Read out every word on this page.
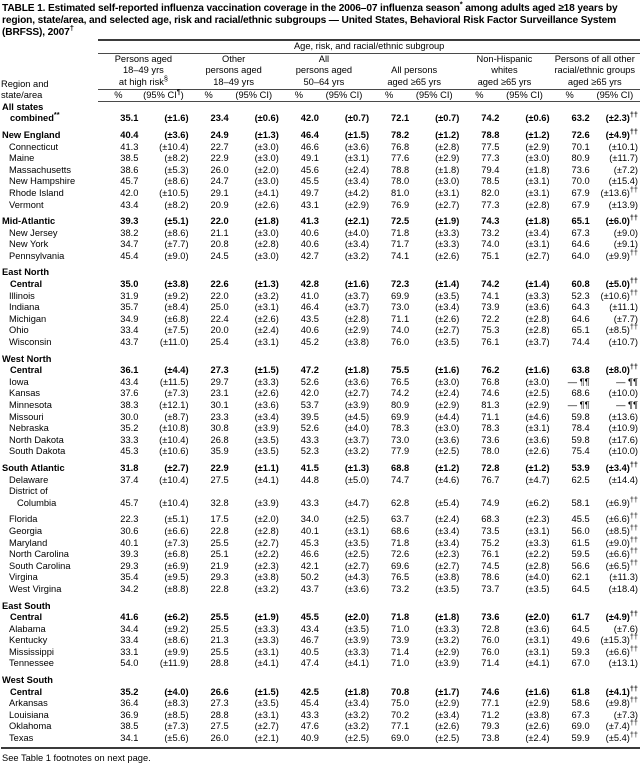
TABLE 1. Estimated self-reported influenza vaccination coverage in the 2006–07 influenza season* among adults aged ≥18 years by region, state/area, and selected age, risk and racial/ethnic subgroups — United States, Behavioral Risk Factor Surveillance System (BRFSS), 2007†
	Age, risk, and racial/ethnic subgroup											

Region and
state/area

Persons aged
18–49 yrs
at high risk§

Other
persons aged
18–49 yrs

All
persons aged
50–64 yrs

All persons
aged ≥65 yrs

Non-Hispanic
whites
aged ≥65 yrs

Persons of all other
racial/ethnic groups
aged ≥65 yrs

	%	(95% CI¶)	%	(95% CI)	%	(95% CI)	%	(95% CI)	%	(95% CI)	%	(95% CI)

All states
combined**	35.1	(±1.6)	23.4	(±0.6)	42.0	(±0.7)	72.1	(±0.7)	74.2	(±0.6)	63.2	(±2.3)††

New England	40.4	(±3.6)	24.9	(±1.3)	46.4	(±1.5)	78.2	(±1.2)	78.8	(±1.2)	72.6	(±4.9)††
Connecticut	41.3	(±10.4)	22.7	(±3.0)	46.6	(±3.6)	76.8	(±2.8)	77.5	(±2.9)	70.1	(±10.1)
Maine	38.5	(±8.2)	22.9	(±3.0)	49.1	(±3.1)	77.6	(±2.9)	77.3	(±3.0)	80.9	(±11.7)
Massachusetts	38.6	(±5.3)	26.0	(±2.0)	45.6	(±2.4)	78.8	(±1.8)	79.4	(±1.8)	73.6	(±7.2)
New Hampshire	45.7	(±8.6)	24.7	(±3.0)	45.5	(±3.4)	78.0	(±3.0)	78.5	(±3.1)	70.0	(±15.4)
Rhode Island	42.0	(±10.5)	29.1	(±4.1)	49.7	(±4.2)	81.0	(±3.1)	82.0	(±3.1)	67.9	(±13.6)††
Vermont	43.4	(±8.2)	20.9	(±2.6)	43.1	(±2.9)	76.9	(±2.7)	77.3	(±2.8)	67.9	(±13.9)

Mid-Atlantic	39.3	(±5.1)	22.0	(±1.8)	41.3	(±2.1)	72.5	(±1.9)	74.3	(±1.8)	65.1	(±6.0)††
New Jersey	38.2	(±8.6)	21.1	(±3.0)	40.6	(±4.0)	71.8	(±3.3)	73.2	(±3.4)	67.3	(±9.0)
New York	34.7	(±7.7)	20.8	(±2.8)	40.6	(±3.4)	71.7	(±3.3)	74.0	(±3.1)	64.6	(±9.1)
Pennsylvania	45.4	(±9.0)	24.5	(±3.0)	42.7	(±3.2)	74.1	(±2.6)	75.1	(±2.7)	64.0	(±9.9)††

East North
Central	35.0	(±3.8)	22.6	(±1.3)	42.8	(±1.6)	72.3	(±1.4)	74.2	(±1.4)	60.8	(±5.0)††
Illinois	31.9	(±9.2)	22.0	(±3.2)	41.0	(±3.7)	69.9	(±3.5)	74.1	(±3.3)	52.3	(±10.6)††
Indiana	35.7	(±8.4)	25.0	(±3.1)	46.4	(±3.7)	73.0	(±3.4)	73.9	(±3.6)	64.3	(±11.1)
Michigan	34.9	(±6.8)	22.4	(±2.6)	43.5	(±2.8)	71.1	(±2.6)	72.2	(±2.8)	64.6	(±7.7)
Ohio	33.4	(±7.5)	20.0	(±2.4)	40.6	(±2.9)	74.0	(±2.7)	75.3	(±2.8)	65.1	(±8.5)††
Wisconsin	43.7	(±11.0)	25.4	(±3.1)	45.2	(±3.8)	76.0	(±3.5)	76.1	(±3.7)	74.4	(±10.7)

West North
Central	36.1	(±4.4)	27.3	(±1.5)	47.2	(±1.8)	75.5	(±1.6)	76.2	(±1.6)	63.8	(±8.0)††
Iowa	43.4	(±11.5)	29.7	(±3.3)	52.6	(±3.6)	76.5	(±3.0)	76.8	(±3.0)	— ¶¶	— ¶¶
Kansas	37.6	(±7.3)	23.1	(±2.6)	42.0	(±2.7)	74.2	(±2.4)	74.6	(±2.5)	68.6	(±10.0)
Minnesota	38.3	(±12.1)	30.1	(±3.6)	53.7	(±3.9)	80.9	(±2.9)	81.3	(±2.9)	— ¶¶	— ¶¶
Missouri	30.0	(±8.7)	23.3	(±3.4)	39.5	(±4.5)	69.9	(±4.4)	71.1	(±4.6)	59.8	(±13.6)
Nebraska	35.2	(±10.8)	30.8	(±3.9)	52.6	(±4.0)	78.3	(±3.0)	78.3	(±3.1)	78.4	(±10.9)
North Dakota	33.3	(±10.4)	26.8	(±3.5)	43.3	(±3.7)	73.0	(±3.6)	73.6	(±3.6)	59.8	(±17.6)
South Dakota	45.3	(±10.6)	35.9	(±3.5)	52.3	(±3.2)	77.9	(±2.5)	78.0	(±2.6)	75.4	(±10.0)

South Atlantic	31.8	(±2.7)	22.9	(±1.1)	41.5	(±1.3)	68.8	(±1.2)	72.8	(±1.2)	53.9	(±3.4)††
Delaware	37.4	(±10.4)	27.5	(±4.1)	44.8	(±5.0)	74.7	(±4.6)	76.7	(±4.7)	62.5	(±14.4)

District of
Columbia	45.7	(±10.4)	32.8	(±3.9)	43.3	(±4.7)	62.8	(±5.4)	74.9	(±6.2)	58.1	(±6.9)††

Florida	22.3	(±5.1)	17.5	(±2.0)	34.0	(±2.5)	63.7	(±2.4)	68.3	(±2.3)	45.5	(±6.6)††
Georgia	30.6	(±6.6)	22.8	(±2.8)	40.1	(±3.1)	68.6	(±3.4)	73.5	(±3.1)	56.0	(±8.5)††
Maryland	40.1	(±7.3)	25.5	(±2.7)	45.3	(±3.5)	71.8	(±3.4)	75.2	(±3.3)	61.5	(±9.0)††
North Carolina	39.3	(±6.8)	25.1	(±2.2)	46.6	(±2.5)	72.6	(±2.3)	76.1	(±2.2)	59.5	(±6.6)††
South Carolina	29.3	(±6.9)	21.9	(±2.3)	42.1	(±2.7)	69.6	(±2.7)	74.5	(±2.8)	56.6	(±6.5)††
Virgina	35.4	(±9.5)	29.3	(±3.8)	50.2	(±4.3)	76.5	(±3.8)	78.6	(±4.0)	62.1	(±11.3)
West Virgina	34.2	(±8.8)	22.8	(±3.2)	43.7	(±3.6)	73.2	(±3.5)	73.7	(±3.5)	64.5	(±18.4)

East South
Central	41.6	(±6.2)	25.5	(±1.9)	45.5	(±2.0)	71.8	(±1.8)	73.6	(±2.0)	61.7	(±4.9)††
Alabama	34.4	(±9.2)	25.5	(±3.3)	43.4	(±3.5)	71.0	(±3.3)	72.8	(±3.6)	64.5	(±7.6)
Kentucky	33.4	(±8.6)	21.3	(±3.3)	46.7	(±3.9)	73.9	(±3.2)	76.0	(±3.1)	49.6	(±15.3)††
Mississippi	33.1	(±9.9)	25.5	(±3.1)	40.5	(±3.3)	71.4	(±2.9)	76.0	(±3.1)	59.3	(±6.6)††
Tennessee	54.0	(±11.9)	28.8	(±4.1)	47.4	(±4.1)	71.0	(±3.9)	71.4	(±4.1)	67.0	(±13.1)

West South
Central	35.2	(±4.0)	26.6	(±1.5)	42.5	(±1.8)	70.8	(±1.7)	74.6	(±1.6)	61.8	(±4.1)††
Arkansas	36.4	(±8.3)	27.3	(±3.5)	45.4	(±3.4)	75.0	(±2.9)	77.1	(±2.9)	58.6	(±9.8)††
Louisiana	36.9	(±8.5)	28.8	(±3.1)	43.3	(±3.2)	70.2	(±3.4)	71.2	(±3.8)	67.3	(±7.3)
Oklahoma	38.5	(±7.3)	27.5	(±2.7)	47.6	(±3.2)	77.1	(±2.6)	79.3	(±2.6)	69.0	(±7.4)††
Texas	34.1	(±5.6)	26.0	(±2.1)	40.9	(±2.5)	69.0	(±2.5)	73.8	(±2.4)	59.9	(±5.4)††
See Table 1 footnotes on next page.
